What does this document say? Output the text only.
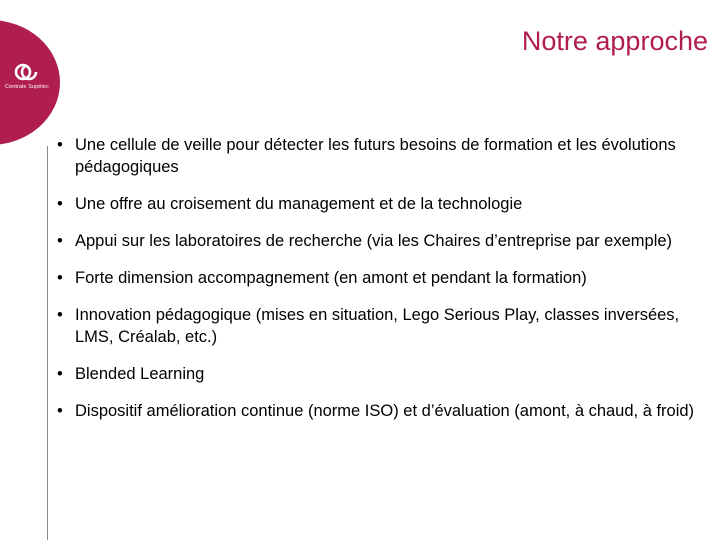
Centrale Supélec
Notre approche
• Une cellule de veille pour détecter les futurs besoins de formation et les évolutions pédagogiques
• Une offre au croisement du management et de la technologie
• Appui sur les laboratoires de recherche (via les Chaires d’entreprise par exemple)
• Forte dimension accompagnement (en amont et pendant la formation)
• Innovation pédagogique (mises en situation, Lego Serious Play, classes inversées, LMS, Créalab, etc.)
• Blended Learning
• Dispositif amélioration continue (norme ISO) et d’évaluation (amont, à chaud, à froid)
